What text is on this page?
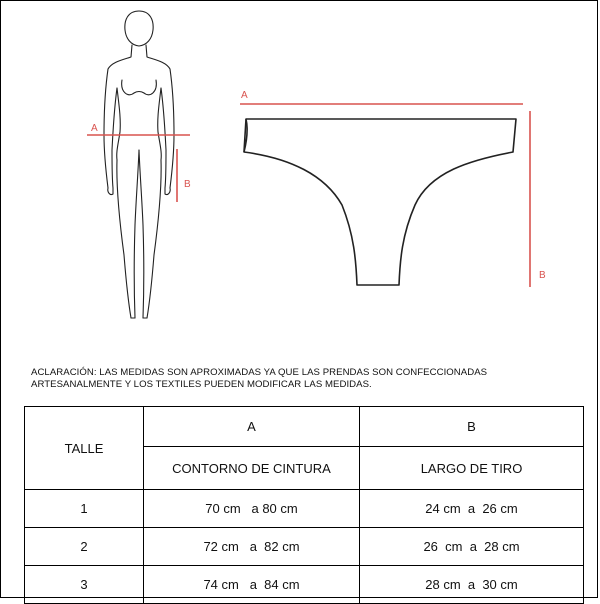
A
B
A
B
ACLARACIÓN: LAS MEDIDAS SON APROXIMADAS YA QUE LAS PRENDAS SON CONFECCIONADAS
ARTESANALMENTE Y LOS TEXTILES PUEDEN MODIFICAR LAS MEDIDAS.
TALLE	A	B
	CONTORNO DE CINTURA	LARGO DE TIRO
1	70 cm   a 80 cm	24 cm  a  26 cm
2	72 cm   a  82 cm	26  cm  a  28 cm
3	74 cm   a  84 cm	28 cm  a  30 cm
